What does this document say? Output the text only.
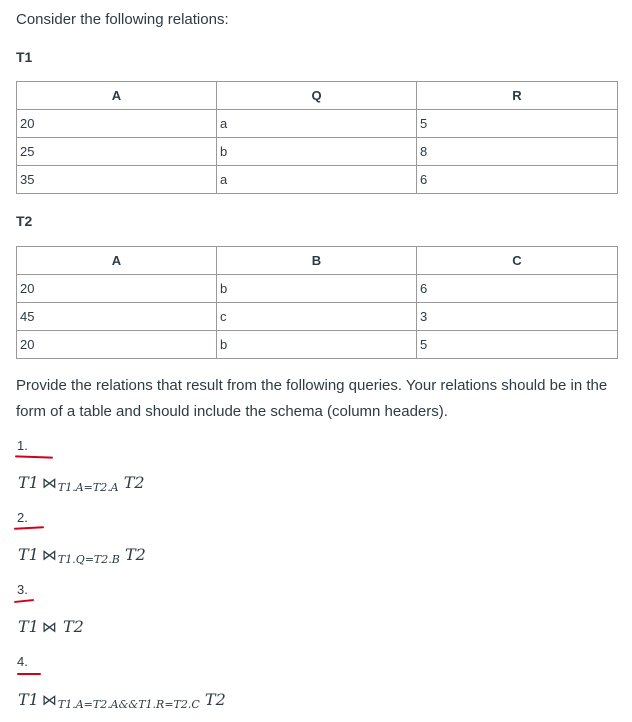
Consider the following relations:
T1
A	Q	R
20	a	5
25	b	8
35	a	6
T2
A	B	C
20	b	6
45	c	3
20	b	5
Provide the relations that result from the following queries. Your relations should be in the form of a table and should include the schema (column headers).
1.
T1 $⋈_{T1.A=T2.A}$ T2
2.
T1 $⋈_{T1.Q=T2.B}$ T2
3.
T1 ⋈ T2
4.
T1 $⋈_{T1.A=T2.A\&\&T1.R=T2.C}$ T2
